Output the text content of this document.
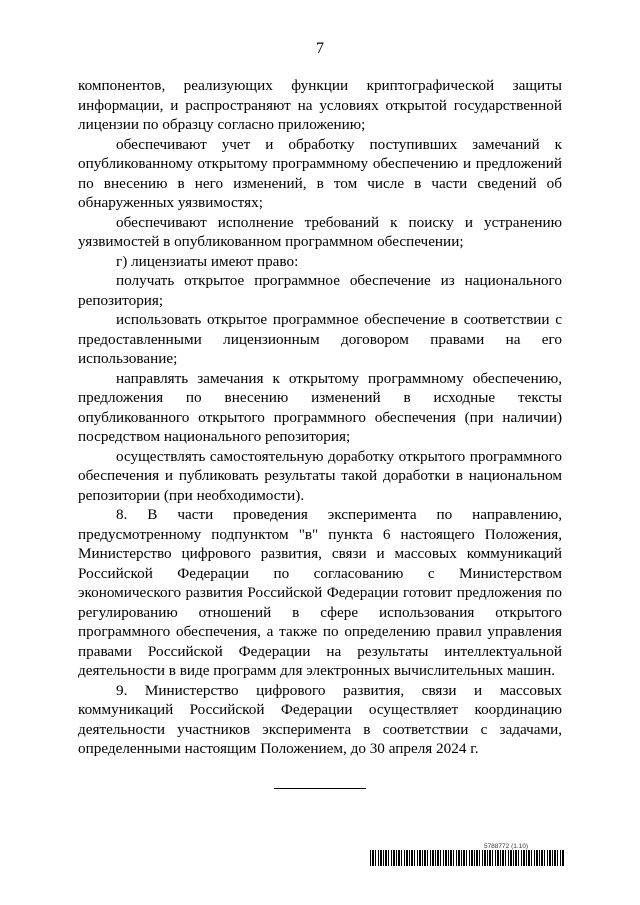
7

компонентов, реализующих функции криптографической защиты информации, и распространяют на условиях открытой государственной лицензии по образцу согласно приложению;

обеспечивают учет и обработку поступивших замечаний к опубликованному открытому программному обеспечению и предложений по внесению в него изменений, в том числе в части сведений об обнаруженных уязвимостях;

обеспечивают исполнение требований к поиску и устранению уязвимостей в опубликованном программном обеспечении;

г) лицензиаты имеют право:

получать открытое программное обеспечение из национального репозитория;

использовать открытое программное обеспечение в соответствии с предоставленными лицензионным договором правами на его использование;

направлять замечания к открытому программному обеспечению, предложения по внесению изменений в исходные тексты опубликованного открытого программного обеспечения (при наличии) посредством национального репозитория;

осуществлять самостоятельную доработку открытого программного обеспечения и публиковать результаты такой доработки в национальном репозитории (при необходимости).

8. В части проведения эксперимента по направлению, предусмотренному подпунктом "в" пункта 6 настоящего Положения, Министерство цифрового развития, связи и массовых коммуникаций Российской Федерации по согласованию с Министерством экономического развития Российской Федерации готовит предложения по регулированию отношений в сфере использования открытого программного обеспечения, а также по определению правил управления правами Российской Федерации на результаты интеллектуальной деятельности в виде программ для электронных вычислительных машин.

9. Министерство цифрового развития, связи и массовых коммуникаций Российской Федерации осуществляет координацию деятельности участников эксперимента в соответствии с задачами, определенными настоящим Положением, до 30 апреля 2024 г.

5788772 (1.10)
